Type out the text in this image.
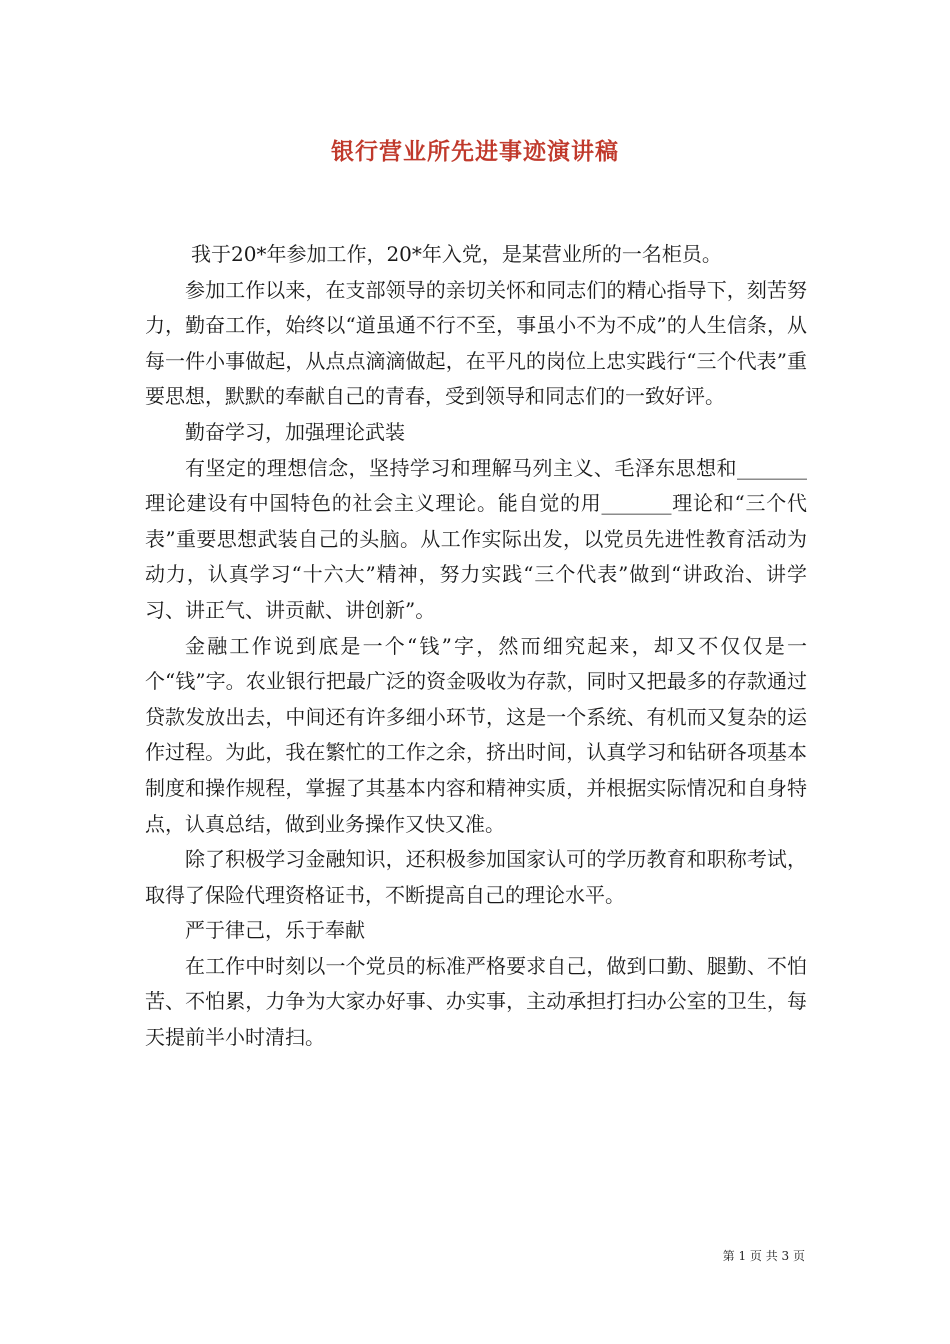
银行营业所先进事迹演讲稿

我于20*年参加工作，20*年入党，是某营业所的一名柜员。

参加工作以来，在支部领导的亲切关怀和同志们的精心指导下，刻苦努力，勤奋工作，始终以“道虽通不行不至，事虽小不为不成”的人生信条，从每一件小事做起，从点点滴滴做起，在平凡的岗位上忠实践行“三个代表”重要思想，默默的奉献自己的青春，受到领导和同志们的一致好评。

勤奋学习，加强理论武装

有坚定的理想信念，坚持学习和理解马列主义、毛泽东思想和_______理论建设有中国特色的社会主义理论。能自觉的用_______理论和“三个代表”重要思想武装自己的头脑。从工作实际出发，以党员先进性教育活动为动力，认真学习“十六大”精神，努力实践“三个代表”做到“讲政治、讲学习、讲正气、讲贡献、讲创新”。

金融工作说到底是一个“钱”字，然而细究起来，却又不仅仅是一个“钱”字。农业银行把最广泛的资金吸收为存款，同时又把最多的存款通过贷款发放出去，中间还有许多细小环节，这是一个系统、有机而又复杂的运作过程。为此，我在繁忙的工作之余，挤出时间，认真学习和钻研各项基本制度和操作规程，掌握了其基本内容和精神实质，并根据实际情况和自身特点，认真总结，做到业务操作又快又准。

除了积极学习金融知识，还积极参加国家认可的学历教育和职称考试，取得了保险代理资格证书，不断提高自己的理论水平。

严于律己，乐于奉献

在工作中时刻以一个党员的标准严格要求自己，做到口勤、腿勤、不怕苦、不怕累，力争为大家办好事、办实事，主动承担打扫办公室的卫生，每天提前半小时清扫。

第 1 页 共 3 页
